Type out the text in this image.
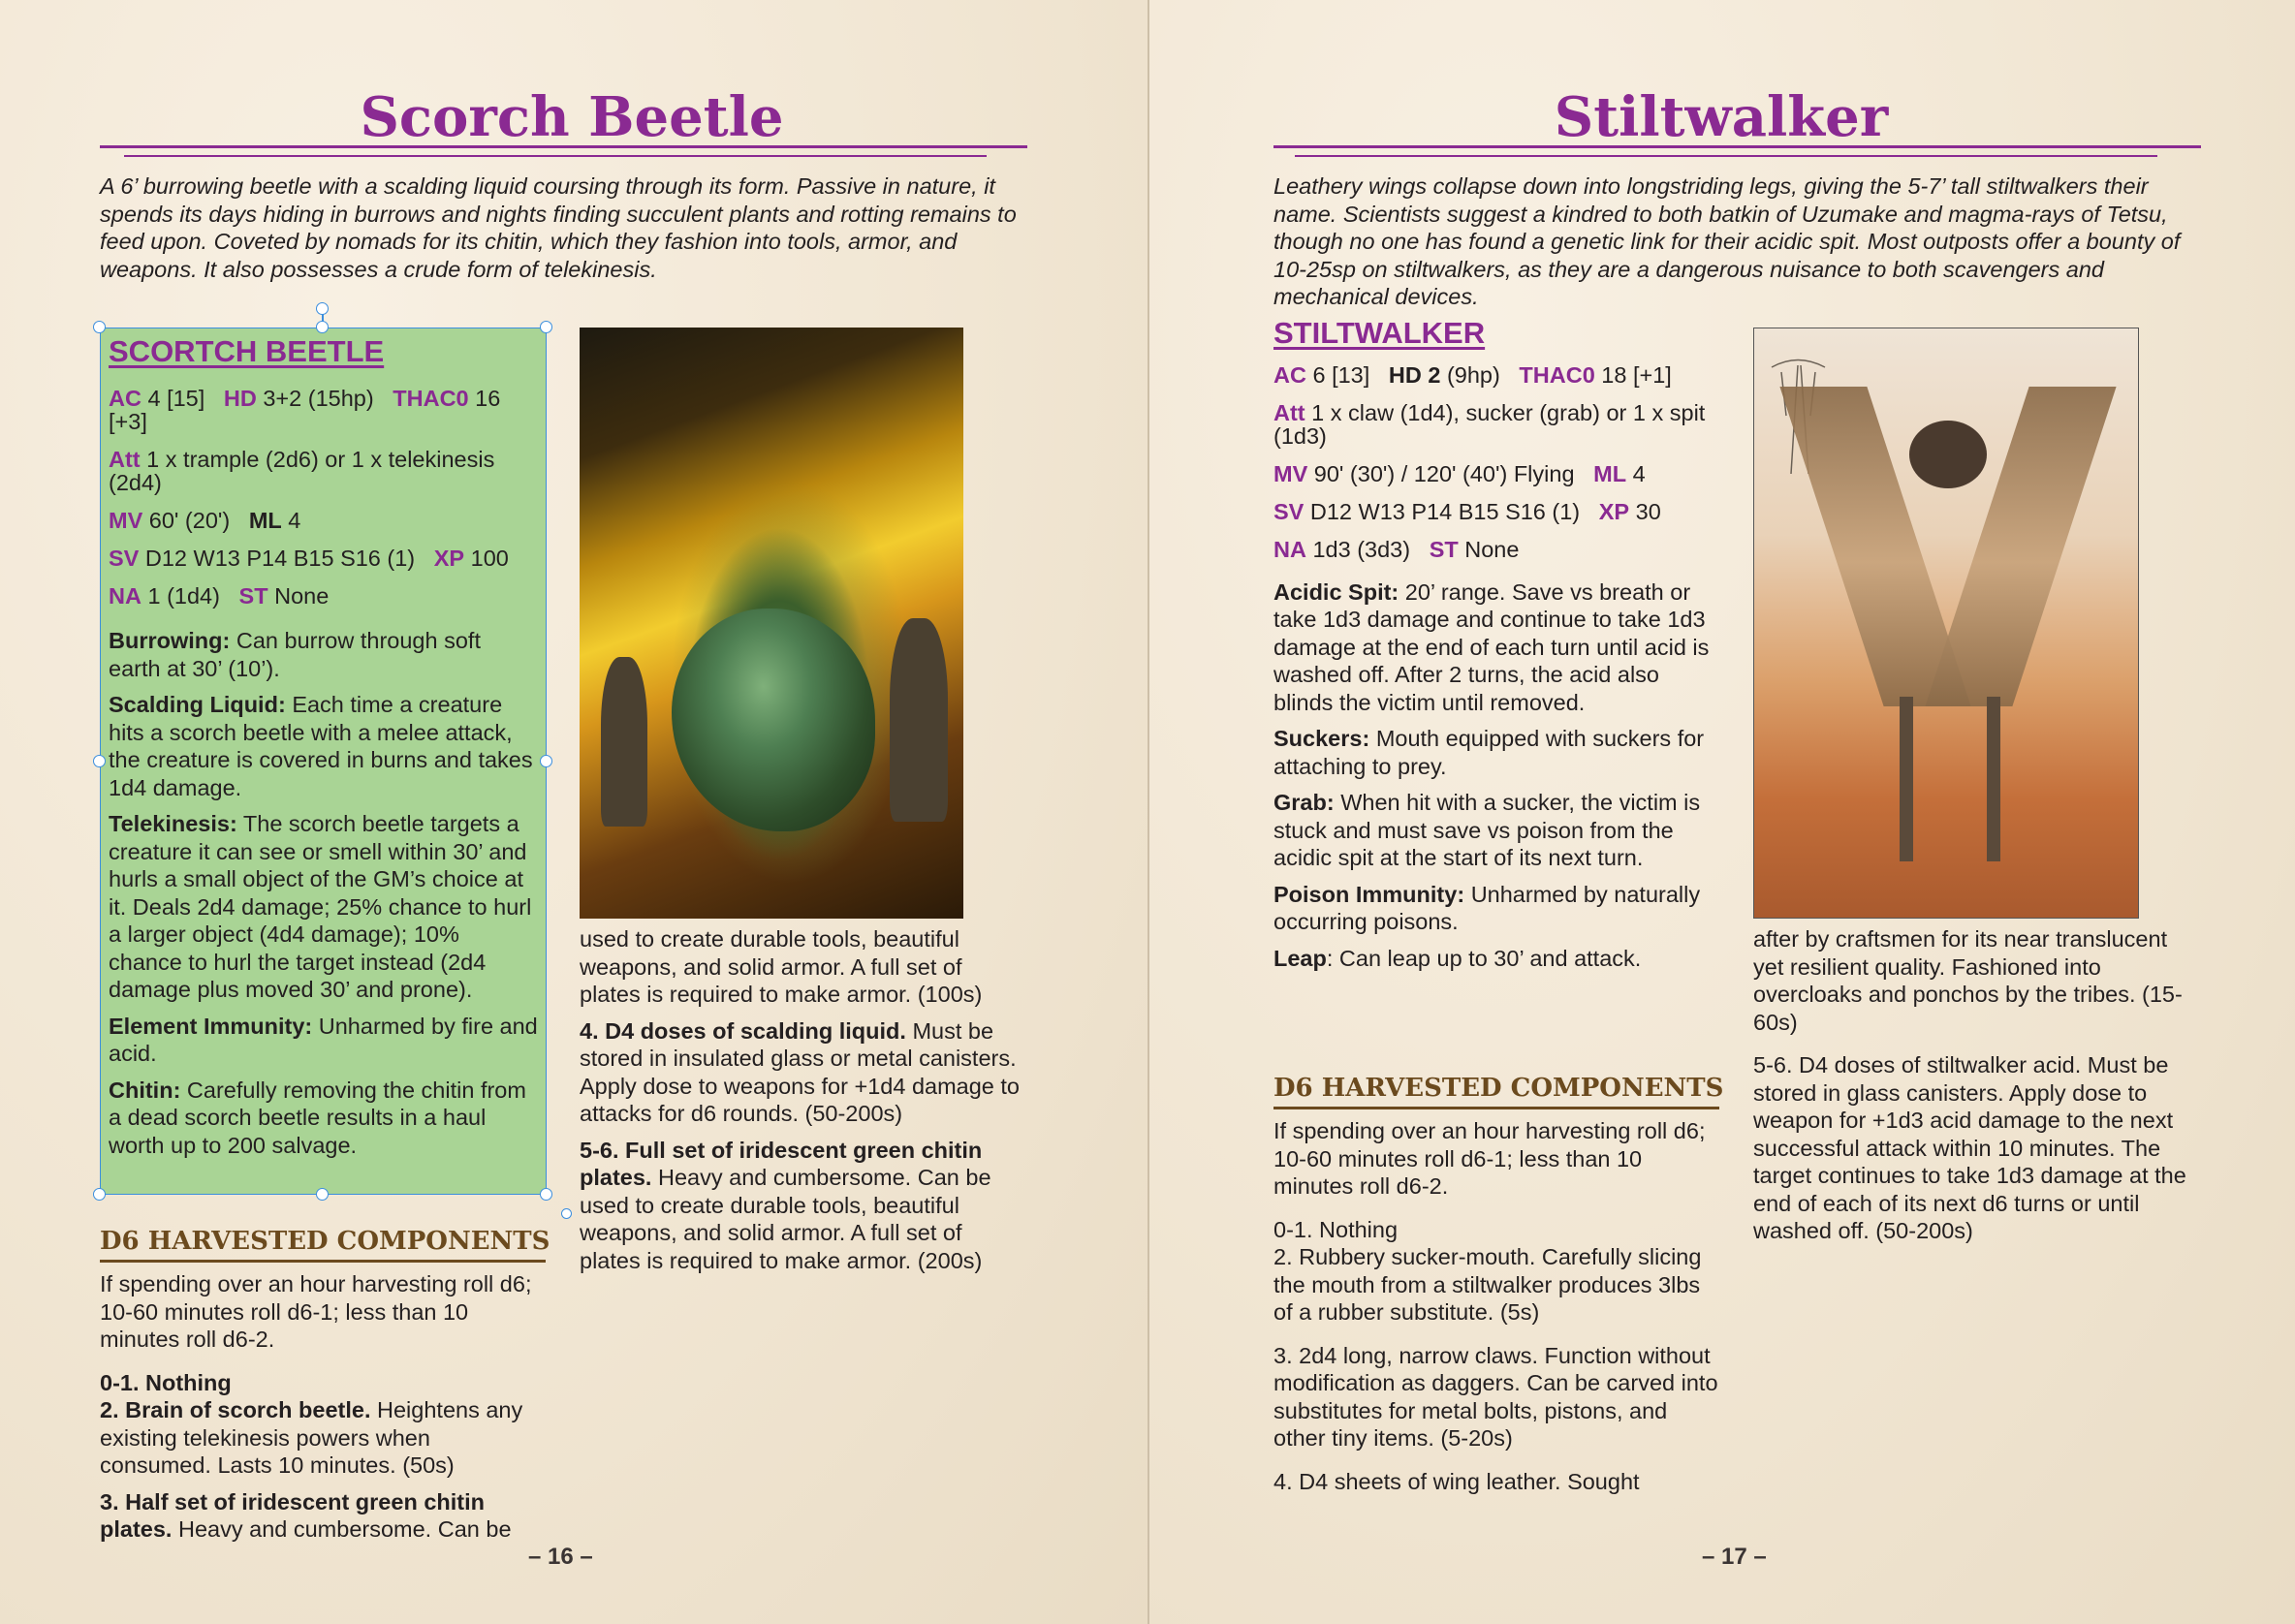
Scorch Beetle
A 6’ burrowing beetle with a scalding liquid coursing through its form. Passive in nature, it spends its days hiding in burrows and nights finding succulent plants and rotting remains to feed upon. Coveted by nomads for its chitin, which they fashion into tools, armor, and weapons. It also possesses a crude form of telekinesis.
SCORTCH BEETLE
AC 4 [15] HD 3+2 (15hp) THAC0 16 [+3]
Att 1 x trample (2d6) or 1 x telekinesis (2d4)
MV 60' (20') ML 4
SV D12 W13 P14 B15 S16 (1) XP 100
NA 1 (1d4) ST None

Burrowing: Can burrow through soft earth at 30’ (10’).

Scalding Liquid: Each time a creature hits a scorch beetle with a melee attack, the creature is covered in burns and takes 1d4 damage.

Telekinesis: The scorch beetle targets a creature it can see or smell within 30’ and hurls a small object of the GM’s choice at it. Deals 2d4 damage; 25% chance to hurl a larger object (4d4 damage); 10% chance to hurl the target instead (2d4 damage plus moved 30’ and prone).

Element Immunity: Unharmed by fire and acid.

Chitin: Carefully removing the chitin from a dead scorch beetle results in a haul worth up to 200 salvage.

D6 HARVESTED COMPONENTS

If spending over an hour harvesting roll d6; 10-60 minutes roll d6-1; less than 10 minutes roll d6-2.

0-1. Nothing

2. Brain of scorch beetle. Heightens any existing telekinesis powers when consumed. Lasts 10 minutes. (50s)

3. Half set of iridescent green chitin plates. Heavy and cumbersome. Can be

used to create durable tools, beautiful weapons, and solid armor. A full set of plates is required to make armor. (100s)

4. D4 doses of scalding liquid. Must be stored in insulated glass or metal canisters. Apply dose to weapons for +1d4 damage to attacks for d6 rounds. (50-200s)

5-6. Full set of iridescent green chitin plates. Heavy and cumbersome. Can be used to create durable tools, beautiful weapons, and solid armor. A full set of plates is required to make armor. (200s)

– 16 –
Stiltwalker
Leathery wings collapse down into longstriding legs, giving the 5-7’ tall stiltwalkers their name. Scientists suggest a kindred to both batkin of Uzumake and magma-rays of Tetsu, though no one has found a genetic link for their acidic spit. Most outposts offer a bounty of 10-25sp on stiltwalkers, as they are a dangerous nuisance to both scavengers and mechanical devices.
STILTWALKER
AC 6 [13] HD 2 (9hp) THAC0 18 [+1]
Att 1 x claw (1d4), sucker (grab) or 1 x spit (1d3)
MV 90' (30') / 120' (40') Flying ML 4
SV D12 W13 P14 B15 S16 (1) XP 30
NA 1d3 (3d3) ST None

Acidic Spit: 20’ range. Save vs breath or take 1d3 damage and continue to take 1d3 damage at the end of each turn until acid is washed off. After 2 turns, the acid also blinds the victim until removed.

Suckers: Mouth equipped with suckers for attaching to prey.

Grab: When hit with a sucker, the victim is stuck and must save vs poison from the acidic spit at the start of its next turn.

Poison Immunity: Unharmed by naturally occurring poisons.

Leap: Can leap up to 30’ and attack.

D6 HARVESTED COMPONENTS

If spending over an hour harvesting roll d6; 10-60 minutes roll d6-1; less than 10 minutes roll d6-2.

0-1. Nothing

2. Rubbery sucker-mouth. Carefully slicing the mouth from a stiltwalker produces 3lbs of a rubber substitute. (5s)

3. 2d4 long, narrow claws. Function without modification as daggers. Can be carved into substitutes for metal bolts, pistons, and other tiny items. (5-20s)

4. D4 sheets of wing leather. Sought

after by craftsmen for its near translucent yet resilient quality. Fashioned into overcloaks and ponchos by the tribes. (15-60s)

5-6. D4 doses of stiltwalker acid. Must be stored in glass canisters. Apply dose to weapon for +1d3 acid damage to the next successful attack within 10 minutes. The target continues to take 1d3 damage at the end of each of its next d6 turns or until washed off. (50-200s)

– 17 –
